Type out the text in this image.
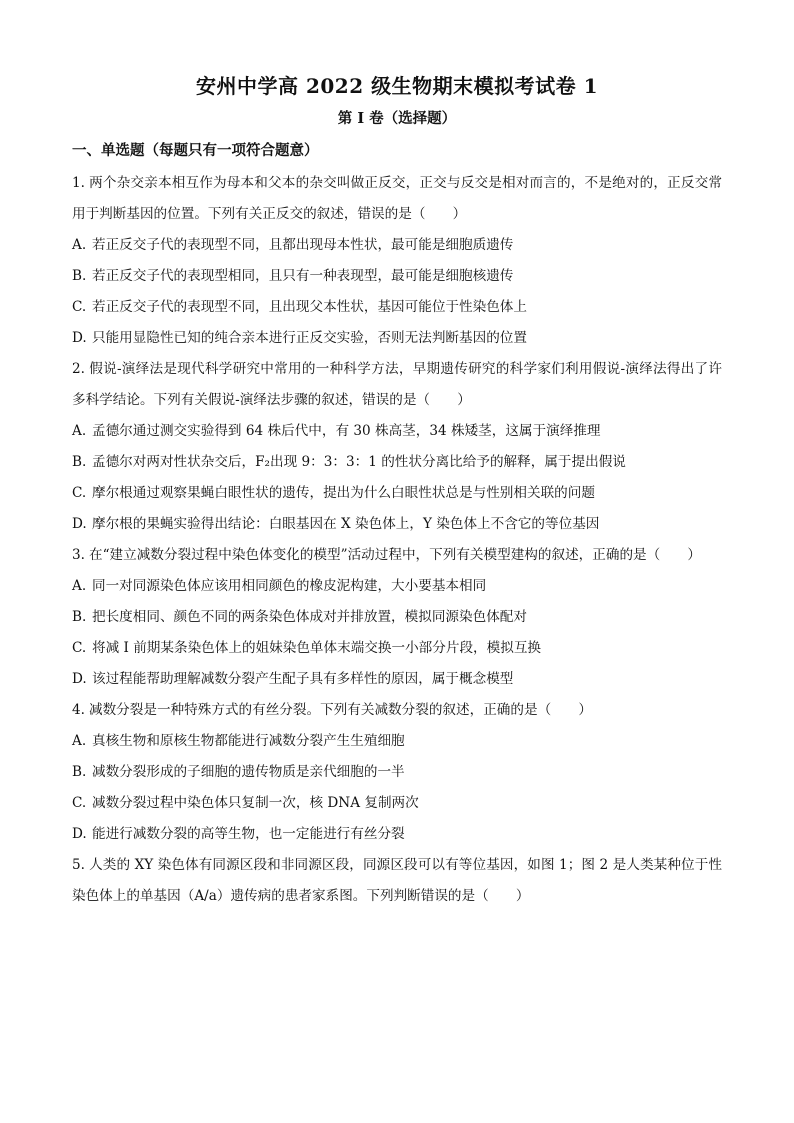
安州中学高 2022 级生物期末模拟考试卷 1
第 I 卷（选择题）
一、单选题（每题只有一项符合题意）

1. 两个杂交亲本相互作为母本和父本的杂交叫做正反交，正交与反交是相对而言的，不是绝对的，正反交常用于判断基因的位置。下列有关正反交的叙述，错误的是（　　）

A. 若正反交子代的表现型不同，且都出现母本性状，最可能是细胞质遗传

B. 若正反交子代的表现型相同，且只有一种表现型，最可能是细胞核遗传

C. 若正反交子代的表现型不同，且出现父本性状，基因可能位于性染色体上

D. 只能用显隐性已知的纯合亲本进行正反交实验，否则无法判断基因的位置

2. 假说-演绎法是现代科学研究中常用的一种科学方法，早期遗传研究的科学家们利用假说-演绎法得出了许多科学结论。下列有关假说-演绎法步骤的叙述，错误的是（　　）

A. 孟德尔通过测交实验得到 64 株后代中，有 30 株高茎，34 株矮茎，这属于演绎推理

B. 孟德尔对两对性状杂交后，F₂出现 9：3：3：1 的性状分离比给予的解释，属于提出假说

C. 摩尔根通过观察果蝇白眼性状的遗传，提出为什么白眼性状总是与性别相关联的问题

D. 摩尔根的果蝇实验得出结论：白眼基因在 X 染色体上，Y 染色体上不含它的等位基因

3. 在“建立减数分裂过程中染色体变化的模型”活动过程中，下列有关模型建构的叙述，正确的是（　　）

A. 同一对同源染色体应该用相同颜色的橡皮泥构建，大小要基本相同

B. 把长度相同、颜色不同的两条染色体成对并排放置，模拟同源染色体配对

C. 将减 I 前期某条染色体上的姐妹染色单体末端交换一小部分片段，模拟互换

D. 该过程能帮助理解减数分裂产生配子具有多样性的原因，属于概念模型

4. 减数分裂是一种特殊方式的有丝分裂。下列有关减数分裂的叙述，正确的是（　　）

A. 真核生物和原核生物都能进行减数分裂产生生殖细胞

B. 减数分裂形成的子细胞的遗传物质是亲代细胞的一半

C. 减数分裂过程中染色体只复制一次，核 DNA 复制两次

D. 能进行减数分裂的高等生物，也一定能进行有丝分裂

5. 人类的 XY 染色体有同源区段和非同源区段，同源区段可以有等位基因，如图 1；图 2 是人类某种位于性染色体上的单基因（A/a）遗传病的患者家系图。下列判断错误的是（　　）
